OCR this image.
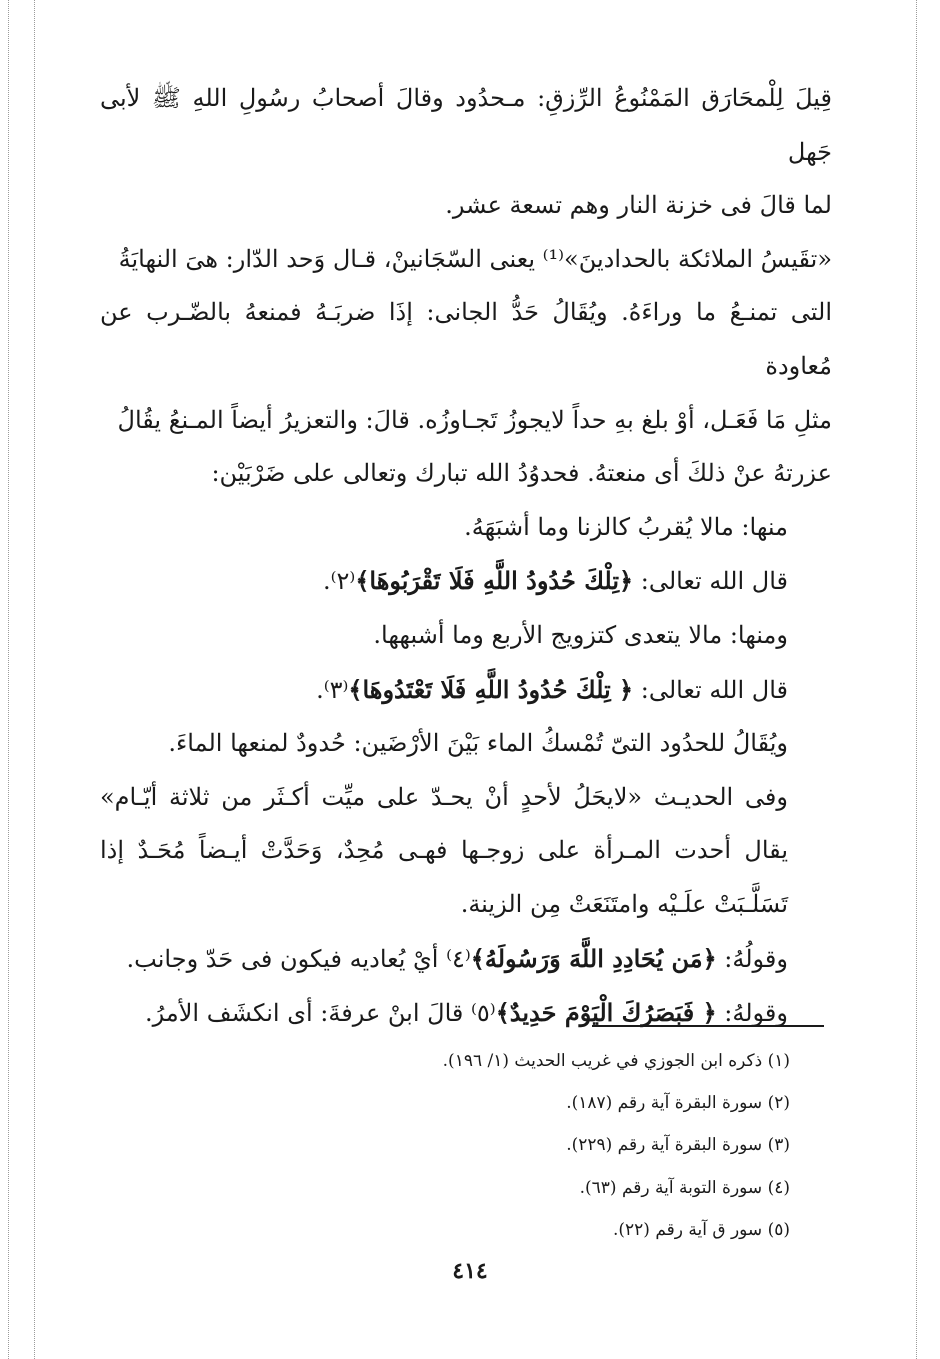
قِيلَ لِلْمحَارَق المَمْنُوعُ الرِّزقِ: مـحدُود وقالَ أصحابُ رسُولِ اللهِ ﷺ لأبى جَهل

لما قالَ فى خزنة النار وهم تسعة عشر.

«تقَيسُ الملائكة بالحدادينَ»⁽¹⁾ يعنى السّجَانينْ، قـال وَحد الدّار: هىَ النهايَةُ

التى تمنـعُ ما وراءَهُ. ويُقَالُ حَدُّ الجانى: إذَا ضربَـهُ فمنعهُ بالضّـرب عن مُعاودة

مثلِ مَا فَعَـل، أوْ بلغ بهِ حداً لايجوزُ تَجـاوزُه. قالَ: والتعزيرُ أيضاً المـنعُ يقُالُ

عزرتهُ عنْ ذلكَ أى منعتهُ. فحدوُدُ الله تبارك وتعالى على ضَرْبَيْن:

منها: مالا يُقربُ كالزنا وما أشبَهَهُ.

قال الله تعالى: ﴿تِلْكَ حُدُودُ اللَّهِ فَلَا تَقْرَبُوهَا﴾⁽٢⁾.

ومنها: مالا يتعدى كتزويج الأربع وما أشبهها.

قال الله تعالى: ﴿ تِلْكَ حُدُودُ اللَّهِ فَلَا تَعْتَدُوهَا﴾⁽٣⁾.

ويُقَالُ للحدُود التىّ تُمْسكُ الماء بَيْنَ الأرْضَين: حُدودٌ لمنعها الماءَ.

وفى الحديـث «لايحَلُ لأحدٍ أنْ يحـدّ على ميِّت أكـثَر من ثلاثة أيّـام» يقال أحدت المـرأة على زوجـها فهـى مُحِدٌ، وَحَدَّتْ أيـضاً مُحَـدٌ إذا تَسَلَّـبَتْ علَـيْه وامتَنَعَتْ مِن الزينة.

وقولُهُ: ﴿مَن يُحَادِدِ اللَّهَ وَرَسُولَهُ﴾⁽٤⁾ أيْ يُعاديه فيكون فى حَدّ وجانب.

وقولهُ: ﴿ فَبَصَرُكَ الْيَوْمَ حَدِيدٌ﴾⁽٥⁾ قالَ ابنْ عرفةَ: أى انكشَف الأمرُ.

(١) ذكره ابن الجوزي في غريب الحديث (١/ ١٩٦).
(٢) سورة البقرة آية رقم (١٨٧).
(٣) سورة البقرة آية رقم (٢٢٩).
(٤) سورة التوبة آية رقم (٦٣).
(٥) سور ق آية رقم (٢٢).
٤١٤
